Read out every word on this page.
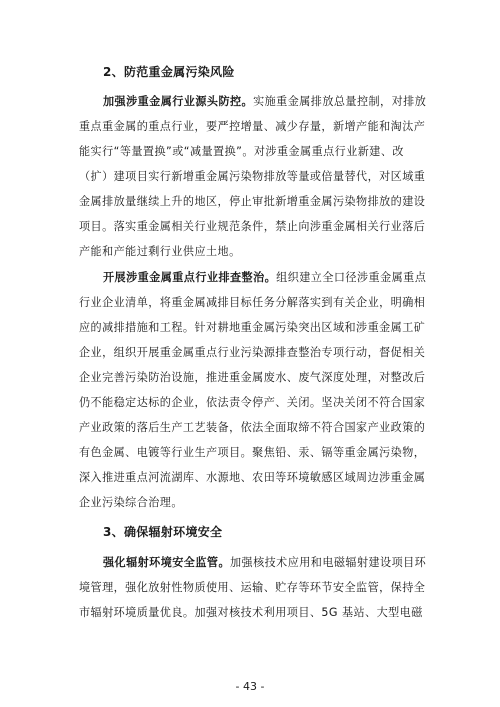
2、防范重金属污染风险
加强涉重金属行业源头防控。实施重金属排放总量控制，对排放
重点重金属的重点行业，要严控增量、减少存量，新增产能和淘汰产
能实行“等量置换”或“减量置换”。对涉重金属重点行业新建、改
（扩）建项目实行新增重金属污染物排放等量或倍量替代，对区域重
金属排放量继续上升的地区，停止审批新增重金属污染物排放的建设
项目。落实重金属相关行业规范条件，禁止向涉重金属相关行业落后
产能和产能过剩行业供应土地。
开展涉重金属重点行业排查整治。组织建立全口径涉重金属重点
行业企业清单，将重金属减排目标任务分解落实到有关企业，明确相
应的减排措施和工程。针对耕地重金属污染突出区域和涉重金属工矿
企业，组织开展重金属重点行业污染源排查整治专项行动，督促相关
企业完善污染防治设施，推进重金属废水、废气深度处理，对整改后
仍不能稳定达标的企业，依法责令停产、关闭。坚决关闭不符合国家
产业政策的落后生产工艺装备，依法全面取缔不符合国家产业政策的
有色金属、电镀等行业生产项目。聚焦铅、汞、镉等重金属污染物，
深入推进重点河流湖库、水源地、农田等环境敏感区域周边涉重金属
企业污染综合治理。
3、确保辐射环境安全
强化辐射环境安全监管。加强核技术应用和电磁辐射建设项目环
境管理，强化放射性物质使用、运输、贮存等环节安全监管，保持全
市辐射环境质量优良。加强对核技术利用项目、5G 基站、大型电磁
- 43 -
